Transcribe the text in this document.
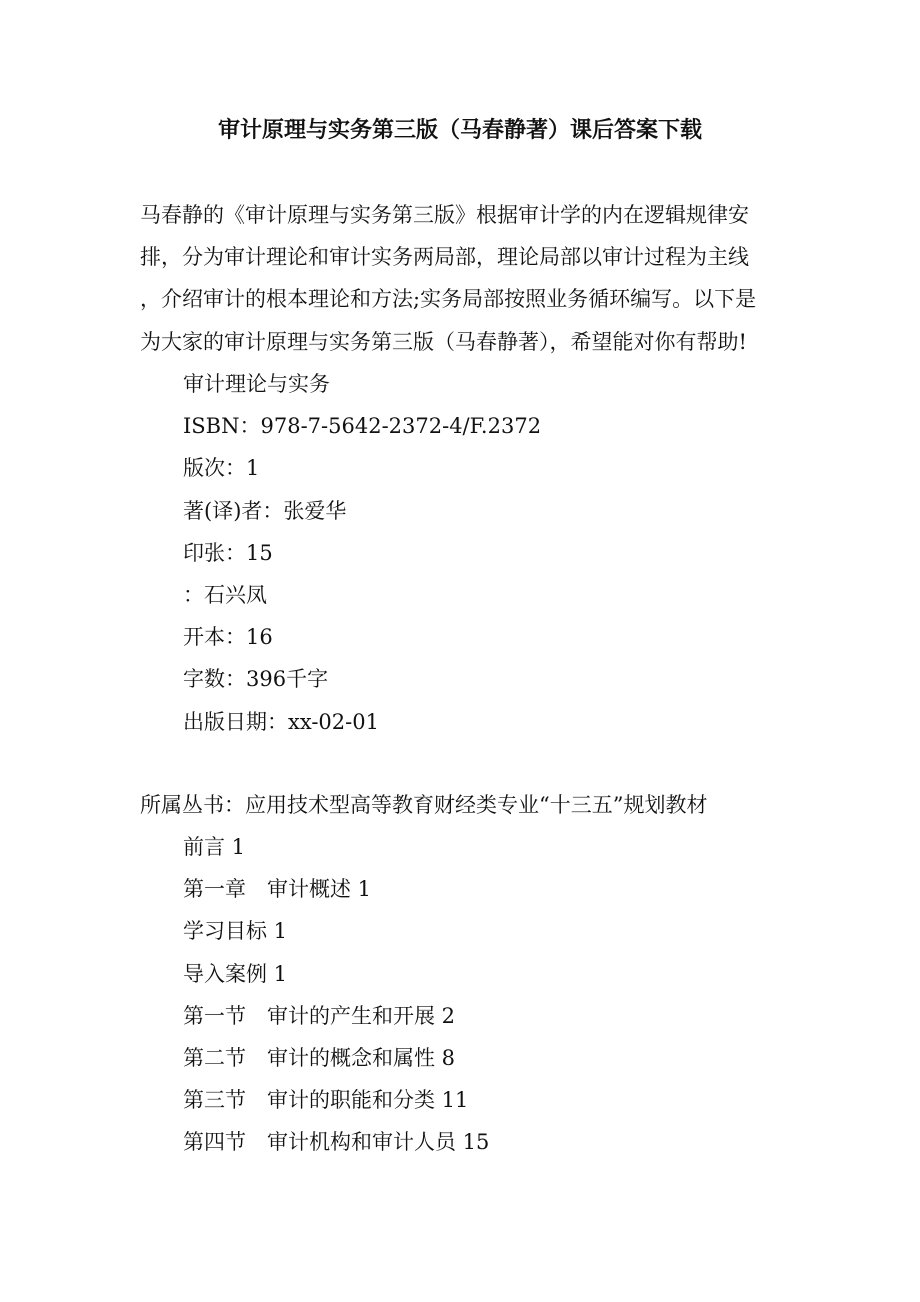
审计原理与实务第三版（马春静著）课后答案下载
马春静的《审计原理与实务第三版》根据审计学的内在逻辑规律安
排，分为审计理论和审计实务两局部，理论局部以审计过程为主线
，介绍审计的根本理论和方法;实务局部按照业务循环编写。以下是
为大家的审计原理与实务第三版（马春静著），希望能对你有帮助!
审计理论与实务
ISBN：978-7-5642-2372-4/F.2372
版次：1
著(译)者：张爱华
印张：15
：石兴凤
开本：16
字数：396千字
出版日期：xx-02-01
所属丛书：应用技术型高等教育财经类专业“十三五”规划教材
前言 1
第一章　审计概述 1
学习目标 1
导入案例 1
第一节　审计的产生和开展 2
第二节　审计的概念和属性 8
第三节　审计的职能和分类 11
第四节　审计机构和审计人员 15
